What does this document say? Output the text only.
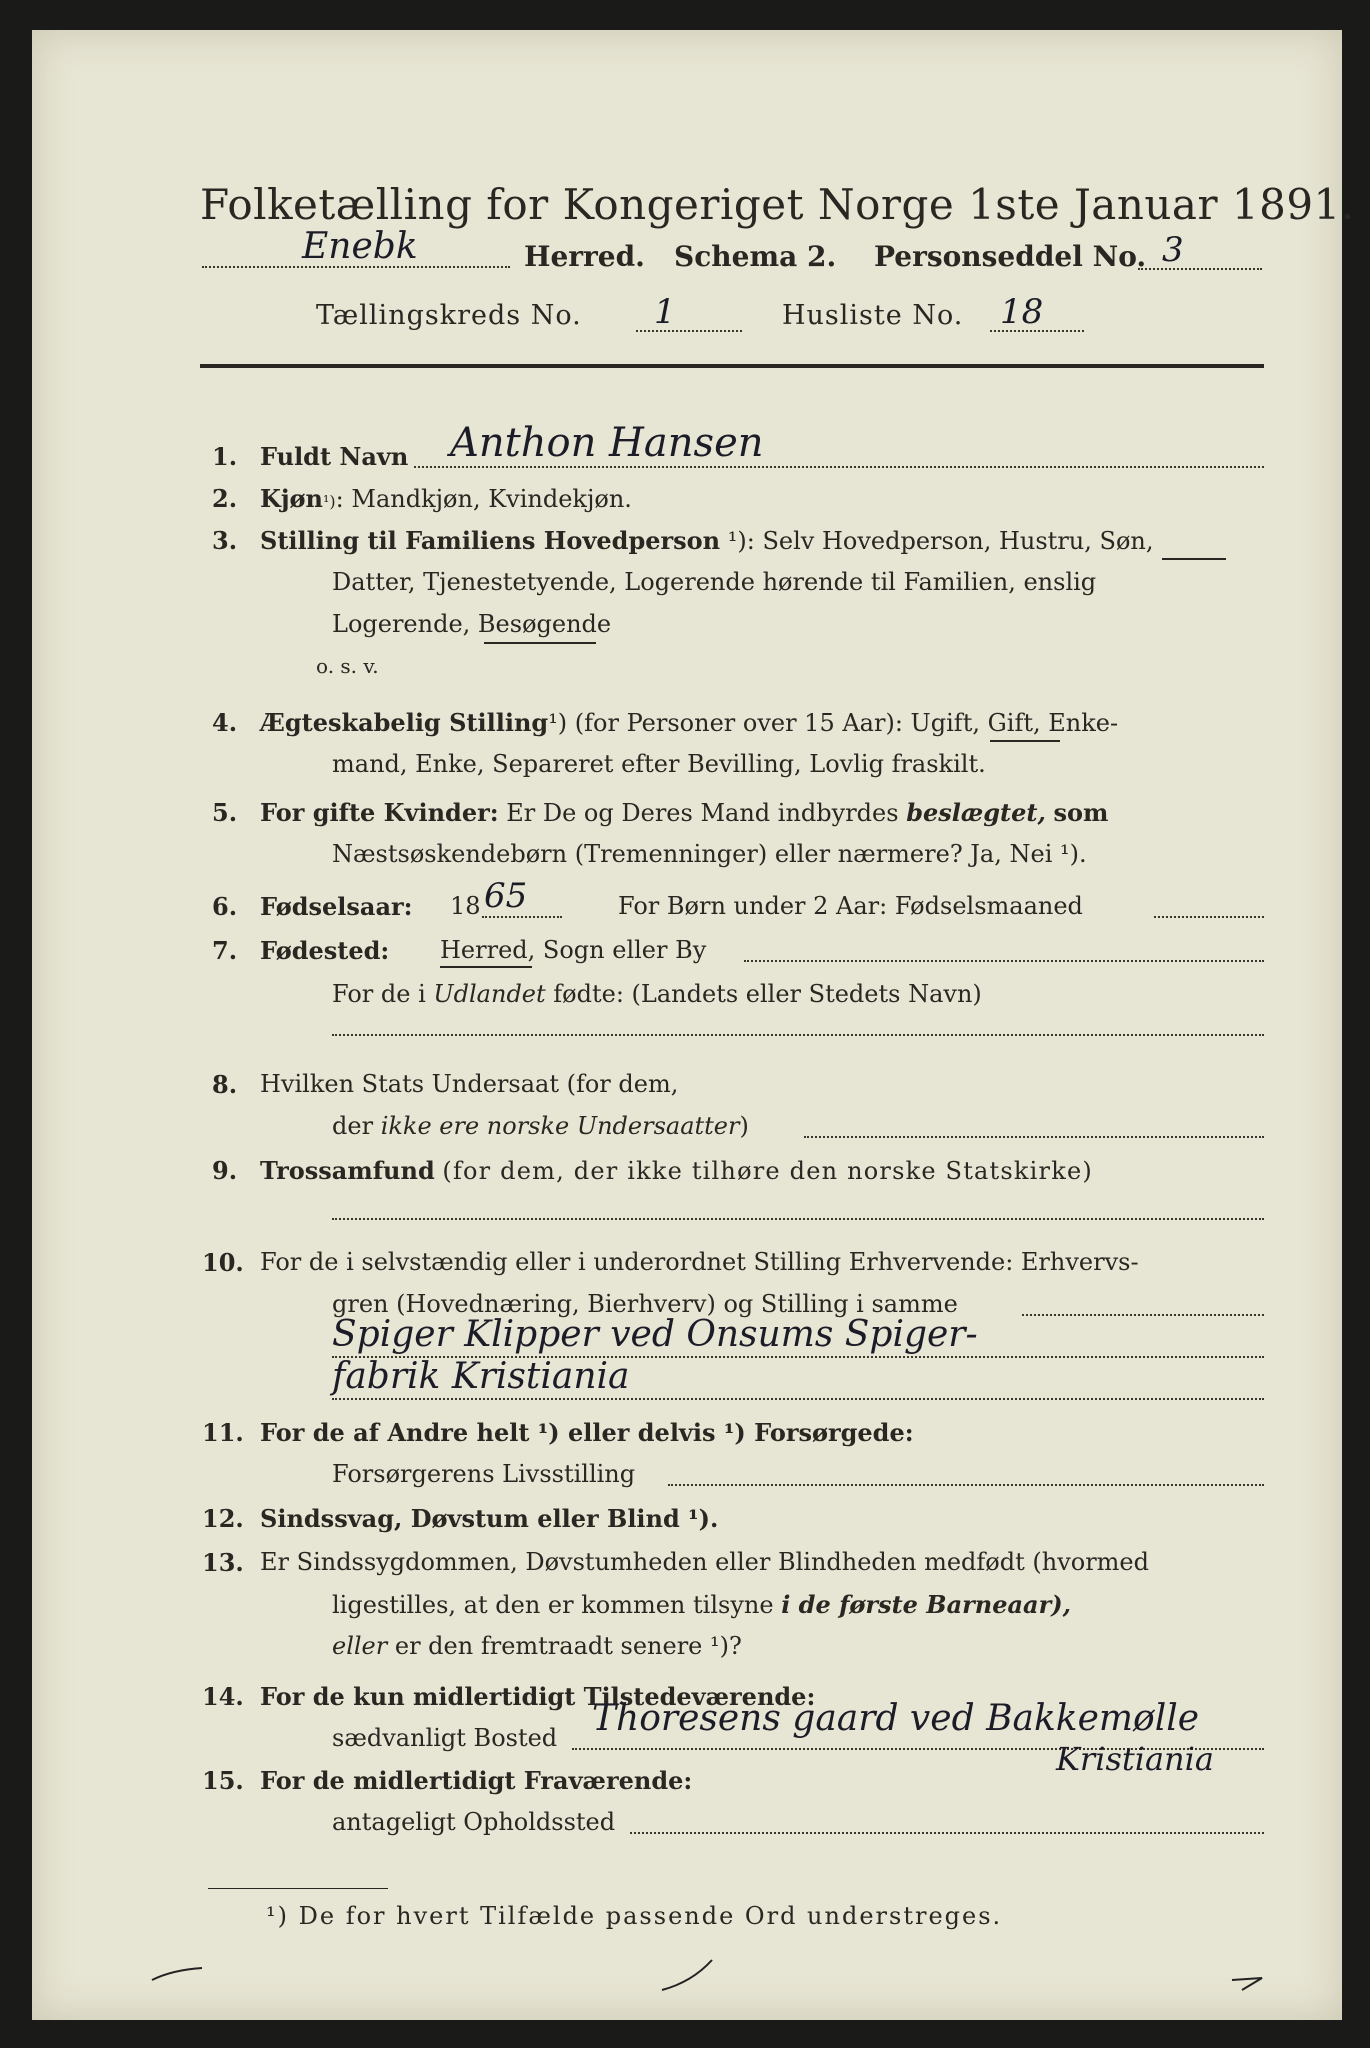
Folketælling for Kongeriget Norge 1ste Januar 1891.
Enebk	Herred. Schema 2. Personseddel No. 3
Tællingskreds No. 1	Husliste No. 18
1. Fuldt Navn Anthon Hansen
2. Kjøn¹): Mandkjøn, Kvindekjøn.
3. Stilling til Familiens Hovedperson ¹): Selv Hovedperson, Hustru, Søn,
Datter, Tjenestetyende, Logerende hørende til Familien, enslig
Logerende, Besøgende
o. s. v.
4. Ægteskabelig Stilling¹) (for Personer over 15 Aar): Ugift, Gift, Enke-
mand, Enke, Separeret efter Bevilling, Lovlig fraskilt.
5. For gifte Kvinder: Er De og Deres Mand indbyrdes beslægtet, som
Næstsøskendebørn (Tremenninger) eller nærmere? Ja, Nei ¹).
6. Fødselsaar: 18 65	For Børn under 2 Aar: Fødselsmaaned
7. Fødested: Herred, Sogn eller By
For de i Udlandet fødte: (Landets eller Stedets Navn)
8. Hvilken Stats Undersaat (for dem,
der ikke ere norske Undersaatter)
9. Trossamfund (for dem, der ikke tilhøre den norske Statskirke)
10. For de i selvstændig eller i underordnet Stilling Erhvervende: Erhvervs-
gren (Hovednæring, Bierhverv) og Stilling i samme
Spiger Klipper ved Onsums Spiger-
fabrik Kristiania
11. For de af Andre helt ¹) eller delvis ¹) Forsørgede:
Forsørgerens Livsstilling
12. Sindssvag, Døvstum eller Blind ¹).
13. Er Sindssygdommen, Døvstumheden eller Blindheden medfødt (hvormed
ligestilles, at den er kommen tilsyne i de første Barneaar),
eller er den fremtraadt senere ¹)?
14. For de kun midlertidigt Tilstedeværende:
sædvanligt Bosted Thoresens gaard ved Bakkemølle
Kristiania
15. For de midlertidigt Fraværende:
antageligt Opholdssted
¹) De for hvert Tilfælde passende Ord understreges.
